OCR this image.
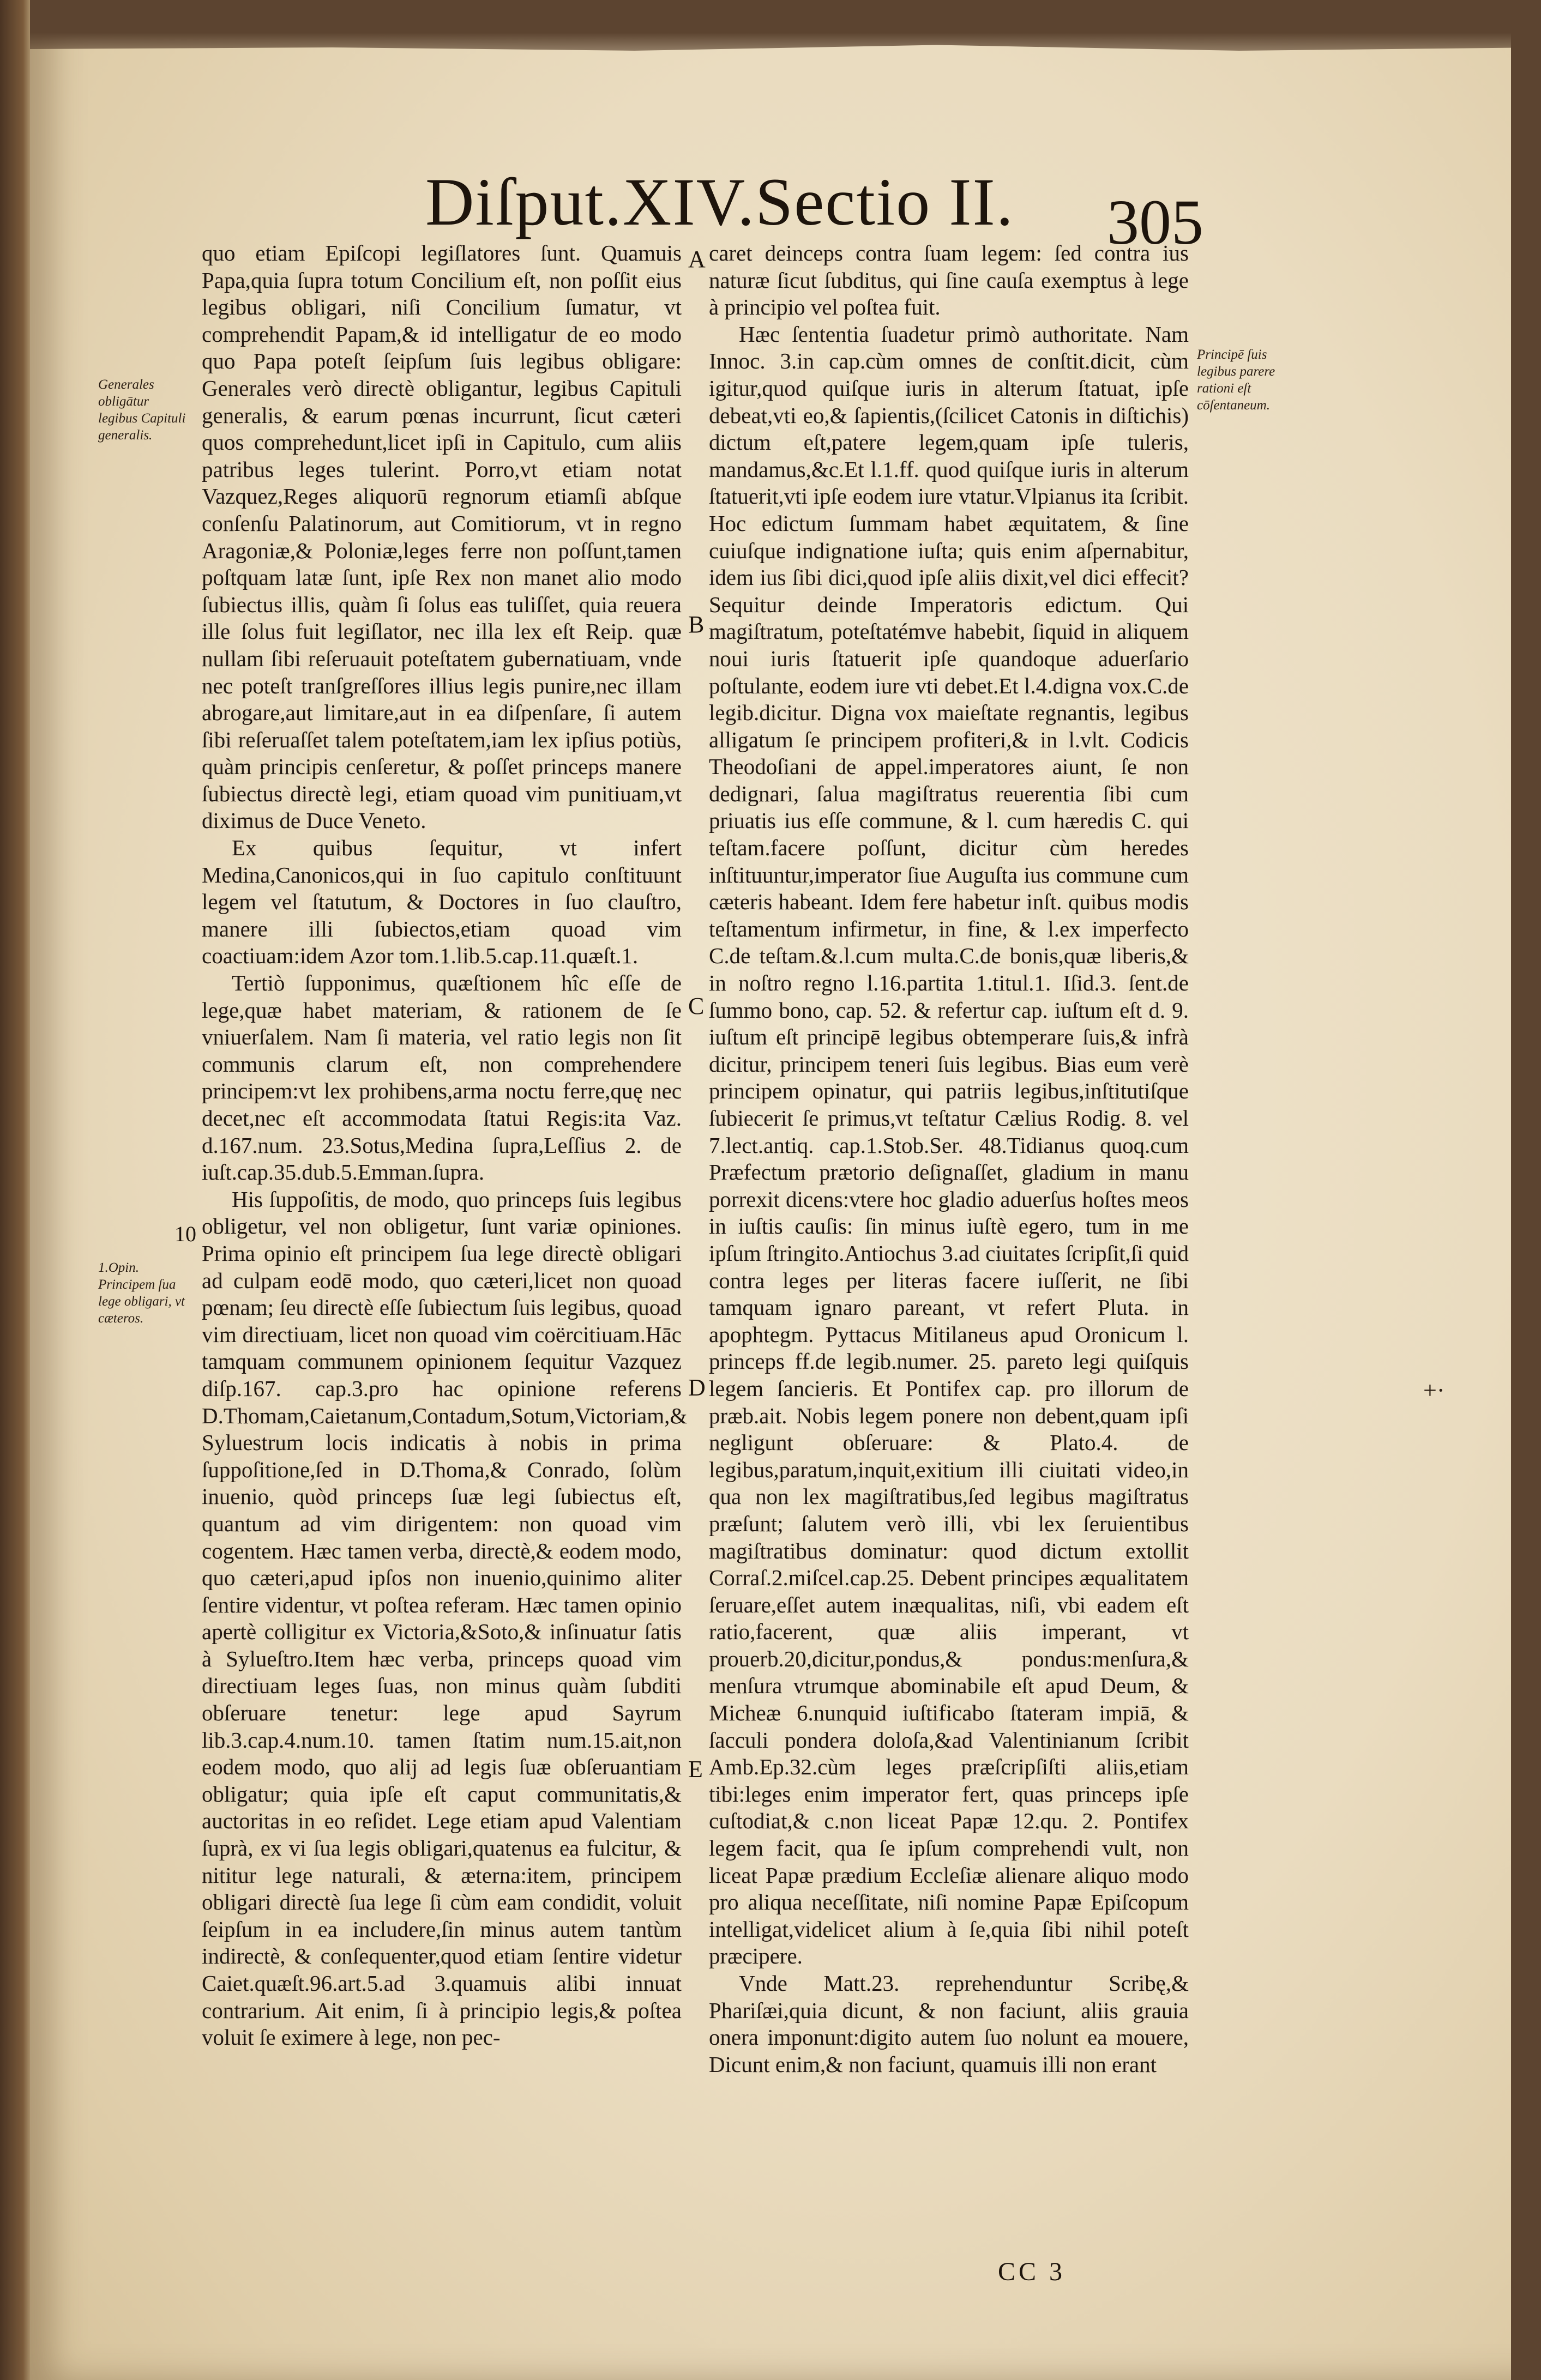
Diſput.XIV.Sectio II.	305

quo etiam Epiſcopi legiſlatores ſunt. Quamuis Papa,quia ſupra totum Concilium eſt, non poſſit eius legibus obligari, niſi Concilium ſumatur, vt comprehendit Papam,& id intelligatur de eo modo quo Papa poteſt ſeipſum ſuis legibus obligare: Generales verò directè obligantur, legibus Capituli generalis, & earum pœnas incurrunt, ſicut cæteri quos comprehedunt,licet ipſi in Capitulo, cum aliis patribus leges tulerint. Porro,vt etiam notat Vazquez,Reges aliquorū regnorum etiamſi abſque conſenſu Palatinorum, aut Comitiorum, vt in regno Aragoniæ,& Poloniæ,leges ferre non poſſunt,tamen poſtquam latæ ſunt, ipſe Rex non manet alio modo ſubiectus illis, quàm ſi ſolus eas tuliſſet, quia reuera ille ſolus fuit legiſlator, nec illa lex eſt Reip. quæ nullam ſibi reſeruauit poteſtatem gubernatiuam, vnde nec poteſt tranſgreſſores illius legis punire,nec illam abrogare,aut limitare,aut in ea diſpenſare, ſi autem ſibi reſeruaſſet talem poteſtatem,iam lex ipſius potiùs, quàm principis cenſeretur, & poſſet princeps manere ſubiectus directè legi, etiam quoad vim punitiuam,vt diximus de Duce Veneto.

Ex quibus ſequitur, vt infert Medina,Canonicos,qui in ſuo capitulo conſtituunt legem vel ſtatutum, & Doctores in ſuo clauſtro, manere illi ſubiectos,etiam quoad vim coactiuam:idem Azor tom.1.lib.5.cap.11.quæſt.1.

Tertiò ſupponimus, quæſtionem hîc eſſe de lege,quæ habet materiam, & rationem de ſe vniuerſalem. Nam ſi materia, vel ratio legis non ſit communis clarum eſt, non comprehendere principem:vt lex prohibens,arma noctu ferre,quę nec decet,nec eſt accommodata ſtatui Regis:ita Vaz. d.167.num. 23.Sotus,Medina ſupra,Leſſius 2. de iuſt.cap.35.dub.5.Emman.ſupra.

His ſuppoſitis, de modo, quo princeps ſuis legibus obligetur, vel non obligetur, ſunt variæ opiniones. Prima opinio eſt principem ſua lege directè obligari ad culpam eodē modo, quo cæteri,licet non quoad pœnam; ſeu directè eſſe ſubiectum ſuis legibus, quoad vim directiuam, licet non quoad vim coërcitiuam.Hāc tamquam communem opinionem ſequitur Vazquez diſp.167. cap.3.pro hac opinione referens D.Thomam,Caietanum,Contadum,Sotum,Victoriam,& Syluestrum locis indicatis à nobis in prima ſuppoſitione,ſed in D.Thoma,& Conrado, ſolùm inuenio, quòd princeps ſuæ legi ſubiectus eſt, quantum ad vim dirigentem: non quoad vim cogentem. Hæc tamen verba, directè,& eodem modo, quo cæteri,apud ipſos non inuenio,quinimo aliter ſentire videntur, vt poſtea referam. Hæc tamen opinio apertè colligitur ex Victoria,&Soto,& inſinuatur ſatis à Sylueſtro.Item hæc verba, princeps quoad vim directiuam leges ſuas, non minus quàm ſubditi obſeruare tenetur: lege apud Sayrum lib.3.cap.4.num.10. tamen ſtatim num.15.ait,non eodem modo, quo alij ad legis ſuæ obſeruantiam obligatur; quia ipſe eſt caput communitatis,& auctoritas in eo reſidet. Lege etiam apud Valentiam ſuprà, ex vi ſua legis obligari,quatenus ea fulcitur, & nititur lege naturali, & æterna:item, principem obligari directè ſua lege ſi cùm eam condidit, voluit ſeipſum in ea includere,ſin minus autem tantùm indirectè, & conſequenter,quod etiam ſentire videtur Caiet.quæſt.96.art.5.ad 3.quamuis alibi innuat contrarium. Ait enim, ſi à principio legis,& poſtea voluit ſe eximere à lege, non pec-

caret deinceps contra ſuam legem: ſed contra ius naturæ ſicut ſubditus, qui ſine cauſa exemptus à lege à principio vel poſtea fuit.

Hæc ſententia ſuadetur primò authoritate. Nam Innoc. 3.in cap.cùm omnes de conſtit.dicit, cùm igitur,quod quiſque iuris in alterum ſtatuat, ipſe debeat,vti eo,& ſapientis,(ſcilicet Catonis in diſtichis) dictum eſt,patere legem,quam ipſe tuleris, mandamus,&c.Et l.1.ff. quod quiſque iuris in alterum ſtatuerit,vti ipſe eodem iure vtatur.Vlpianus ita ſcribit. Hoc edictum ſummam habet æquitatem, & ſine cuiuſque indignatione iuſta; quis enim aſpernabitur, idem ius ſibi dici,quod ipſe aliis dixit,vel dici effecit? Sequitur deinde Imperatoris edictum. Qui magiſtratum, poteſtatémve habebit, ſiquid in aliquem noui iuris ſtatuerit ipſe quandoque aduerſario poſtulante, eodem iure vti debet.Et l.4.digna vox.C.de legib.dicitur. Digna vox maieſtate regnantis, legibus alligatum ſe principem profiteri,& in l.vlt. Codicis Theodoſiani de appel.imperatores aiunt, ſe non dedignari, ſalua magiſtratus reuerentia ſibi cum priuatis ius eſſe commune, & l. cum hæredis C. qui teſtam.facere poſſunt, dicitur cùm heredes inſtituuntur,imperator ſiue Auguſta ius commune cum cæteris habeant. Idem fere habetur inſt. quibus modis teſtamentum infirmetur, in fine, & l.ex imperfecto C.de teſtam.&.l.cum multa.C.de bonis,quæ liberis,& in noſtro regno l.16.partita 1.titul.1. Iſid.3. ſent.de ſummo bono, cap. 52. & refertur cap. iuſtum eſt d. 9. iuſtum eſt principē legibus obtemperare ſuis,& infrà dicitur, principem teneri ſuis legibus. Bias eum verè principem opinatur, qui patriis legibus,inſtitutiſque ſubiecerit ſe primus,vt teſtatur Cælius Rodig. 8. vel 7.lect.antiq. cap.1.Stob.Ser. 48.Tidianus quoq.cum Præfectum prætorio deſignaſſet, gladium in manu porrexit dicens:vtere hoc gladio aduerſus hoſtes meos in iuſtis cauſis: ſin minus iuſtè egero, tum in me ipſum ſtringito.Antiochus 3.ad ciuitates ſcripſit,ſi quid contra leges per literas facere iuſſerit, ne ſibi tamquam ignaro pareant, vt refert Pluta. in apophtegm. Pyttacus Mitilaneus apud Oronicum l. princeps ff.de legib.numer. 25. pareto legi quiſquis legem ſancieris. Et Pontifex cap. pro illorum de præb.ait. Nobis legem ponere non debent,quam ipſi negligunt obſeruare: & Plato.4. de legibus,paratum,inquit,exitium illi ciuitati video,in qua non lex magiſtratibus,ſed legibus magiſtratus præſunt; ſalutem verò illi, vbi lex ſeruientibus magiſtratibus dominatur: quod dictum extollit Corraſ.2.miſcel.cap.25. Debent principes æqualitatem ſeruare,eſſet autem inæqualitas, niſi, vbi eadem eſt ratio,facerent, quæ aliis imperant, vt prouerb.20,dicitur,pondus,& pondus:menſura,& menſura vtrumque abominabile eſt apud Deum, & Micheæ 6.nunquid iuſtificabo ſtateram impiā, & ſacculi pondera doloſa,&ad Valentinianum ſcribit Amb.Ep.32.cùm leges præſcripſiſti aliis,etiam tibi:leges enim imperator fert, quas princeps ipſe cuſtodiat,& c.non liceat Papæ 12.qu. 2. Pontifex legem facit, qua ſe ipſum comprehendi vult, non liceat Papæ prædium Eccleſiæ alienare aliquo modo pro aliqua neceſſitate, niſi nomine Papæ Epiſcopum intelligat,videlicet alium à ſe,quia ſibi nihil poteſt præcipere.

Vnde Matt.23. reprehenduntur Scribę,& Phariſæi,quia dicunt, & non faciunt, aliis grauia onera imponunt:digito autem ſuo nolunt ea mouere, Dicunt enim,& non faciunt, quamuis illi non erant

Generales obligātur legibus Capituli generalis.
1.Opin. Principem ſua lege obligari, vt cæteros.
Principē ſuis legibus parere rationi eſt cōſentaneum.
A
B
C
D
E
10
CC 3
+·
